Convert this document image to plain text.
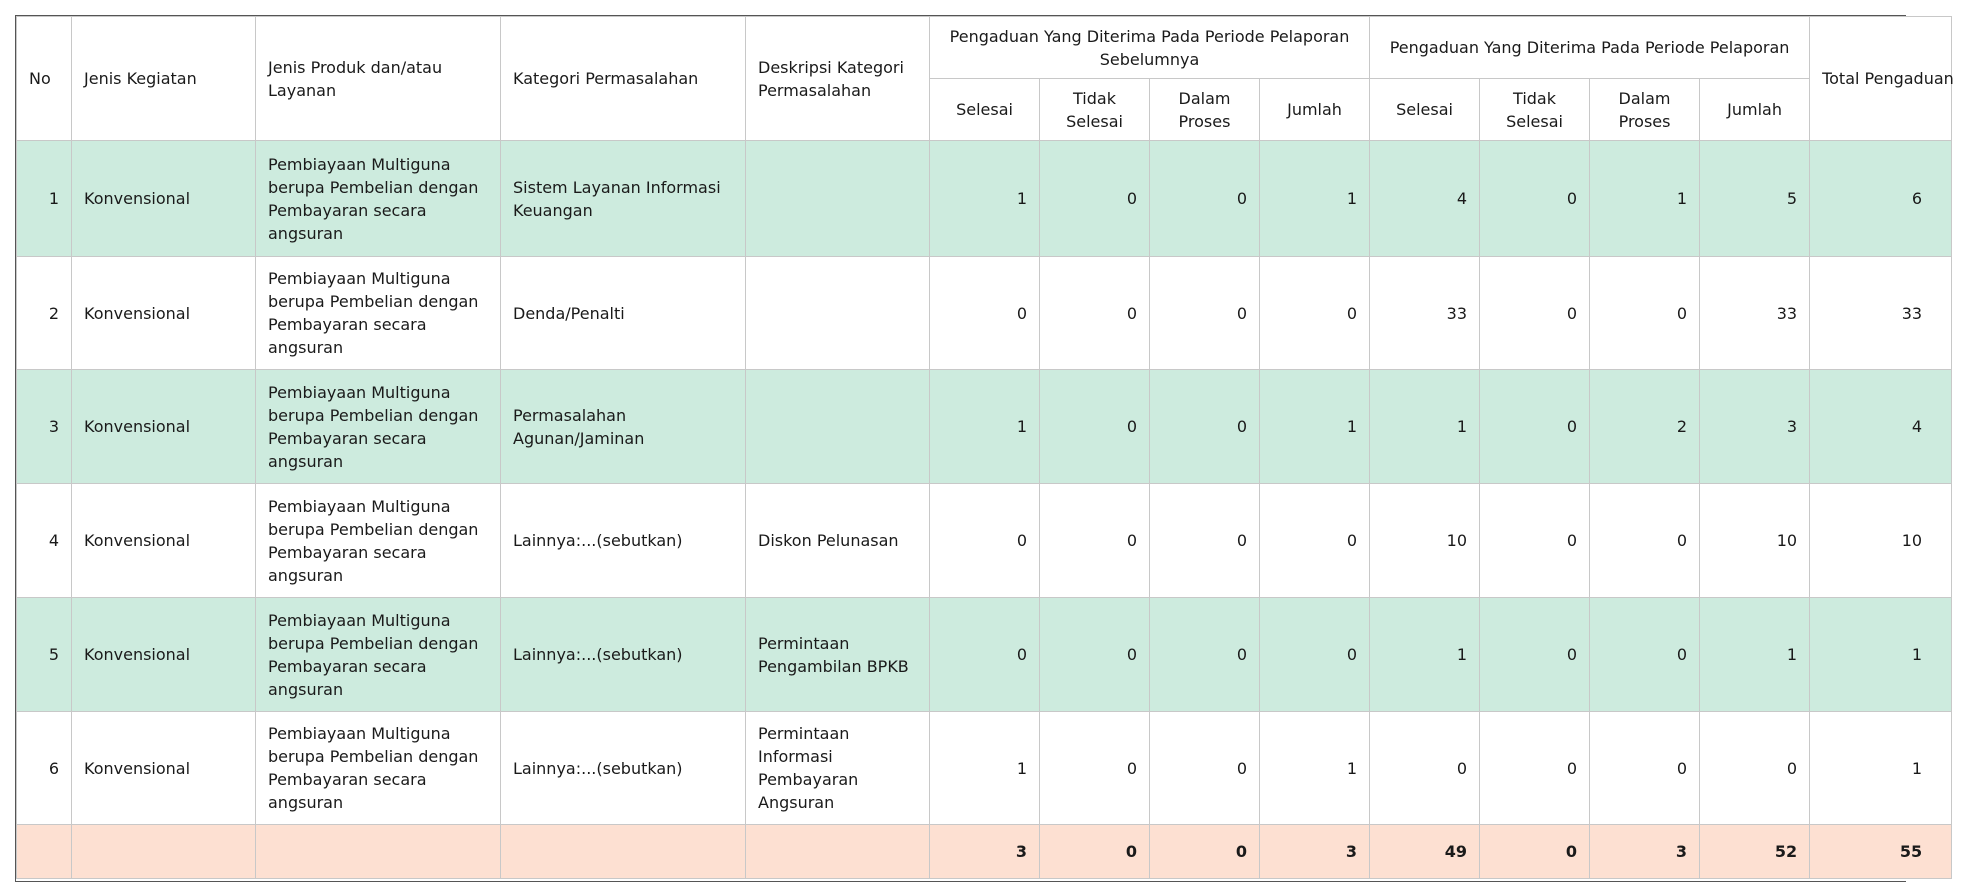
No	Jenis Kegiatan	Jenis Produk dan/atau Layanan	Kategori Permasalahan	Deskripsi Kategori Permasalahan	Pengaduan Yang Diterima Pada Periode Pelaporan Sebelumnya				Pengaduan Yang Diterima Pada Periode Pelaporan				Total Pengaduan

					Selesai	Tidak Selesai	Dalam Proses	Jumlah	Selesai	Tidak Selesai	Dalam Proses	Jumlah	
1	Konvensional	Pembiayaan Multiguna berupa Pembelian dengan Pembayaran secara angsuran	Sistem Layanan Informasi Keuangan		1	0	0	1	4	0	1	5	6

2	Konvensional	Pembiayaan Multiguna berupa Pembelian dengan Pembayaran secara angsuran	Denda/Penalti		0	0	0	0	33	0	0	33	33

3	Konvensional	Pembiayaan Multiguna berupa Pembelian dengan Pembayaran secara angsuran	Permasalahan Agunan/Jaminan		1	0	0	1	1	0	2	3	4

4	Konvensional	Pembiayaan Multiguna berupa Pembelian dengan Pembayaran secara angsuran	Lainnya:...(sebutkan)	Diskon Pelunasan	0	0	0	0	10	0	0	10	10

5	Konvensional	Pembiayaan Multiguna berupa Pembelian dengan Pembayaran secara angsuran	Lainnya:...(sebutkan)	Permintaan Pengambilan BPKB	0	0	0	0	1	0	0	1	1

6	Konvensional	Pembiayaan Multiguna berupa Pembelian dengan Pembayaran secara angsuran	Lainnya:...(sebutkan)	Permintaan Informasi Pembayaran Angsuran	1	0	0	1	0	0	0	0	1

					3	0	0	3	49	0	3	52	55
